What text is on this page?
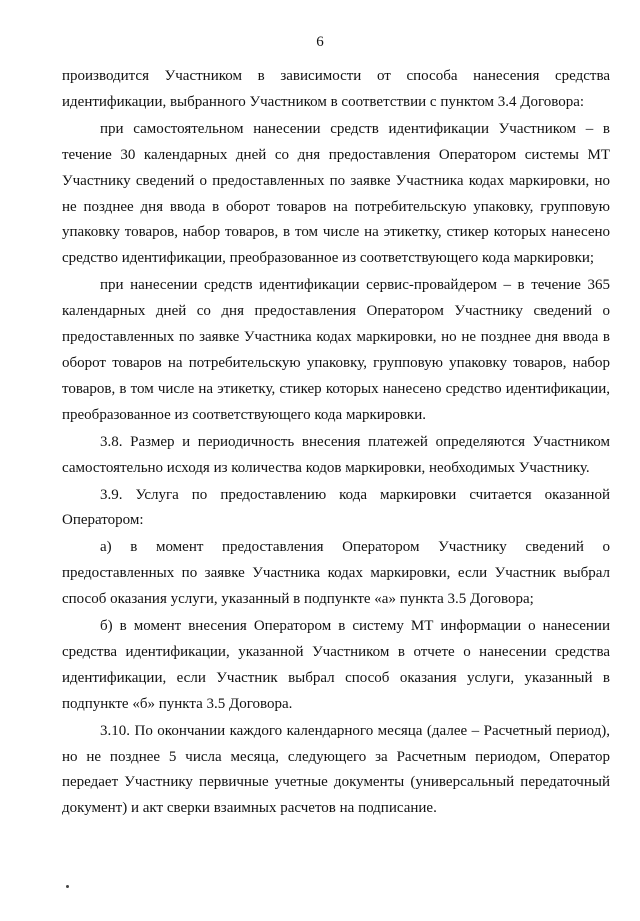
6

производится Участником в зависимости от способа нанесения средства идентификации, выбранного Участником в соответствии с пунктом 3.4 Договора:

при самостоятельном нанесении средств идентификации Участником – в течение 30 календарных дней со дня предоставления Оператором системы МТ Участнику сведений о предоставленных по заявке Участника кодах маркировки, но не позднее дня ввода в оборот товаров на потребительскую упаковку, групповую упаковку товаров, набор товаров, в том числе на этикетку, стикер которых нанесено средство идентификации, преобразованное из соответствующего кода маркировки;

при нанесении средств идентификации сервис-провайдером – в течение 365 календарных дней со дня предоставления Оператором Участнику сведений о предоставленных по заявке Участника кодах маркировки, но не позднее дня ввода в оборот товаров на потребительскую упаковку, групповую упаковку товаров, набор товаров, в том числе на этикетку, стикер которых нанесено средство идентификации, преобразованное из соответствующего кода маркировки.

3.8. Размер и периодичность внесения платежей определяются Участником самостоятельно исходя из количества кодов маркировки, необходимых Участнику.

3.9. Услуга по предоставлению кода маркировки считается оказанной Оператором:

а) в момент предоставления Оператором Участнику сведений о предоставленных по заявке Участника кодах маркировки, если Участник выбрал способ оказания услуги, указанный в подпункте «а» пункта 3.5 Договора;

б) в момент внесения Оператором в систему МТ информации о нанесении средства идентификации, указанной Участником в отчете о нанесении средства идентификации, если Участник выбрал способ оказания услуги, указанный в подпункте «б» пункта 3.5 Договора.

3.10. По окончании каждого календарного месяца (далее – Расчетный период), но не позднее 5 числа месяца, следующего за Расчетным периодом, Оператор передает Участнику первичные учетные документы (универсальный передаточный документ) и акт сверки взаимных расчетов на подписание.
